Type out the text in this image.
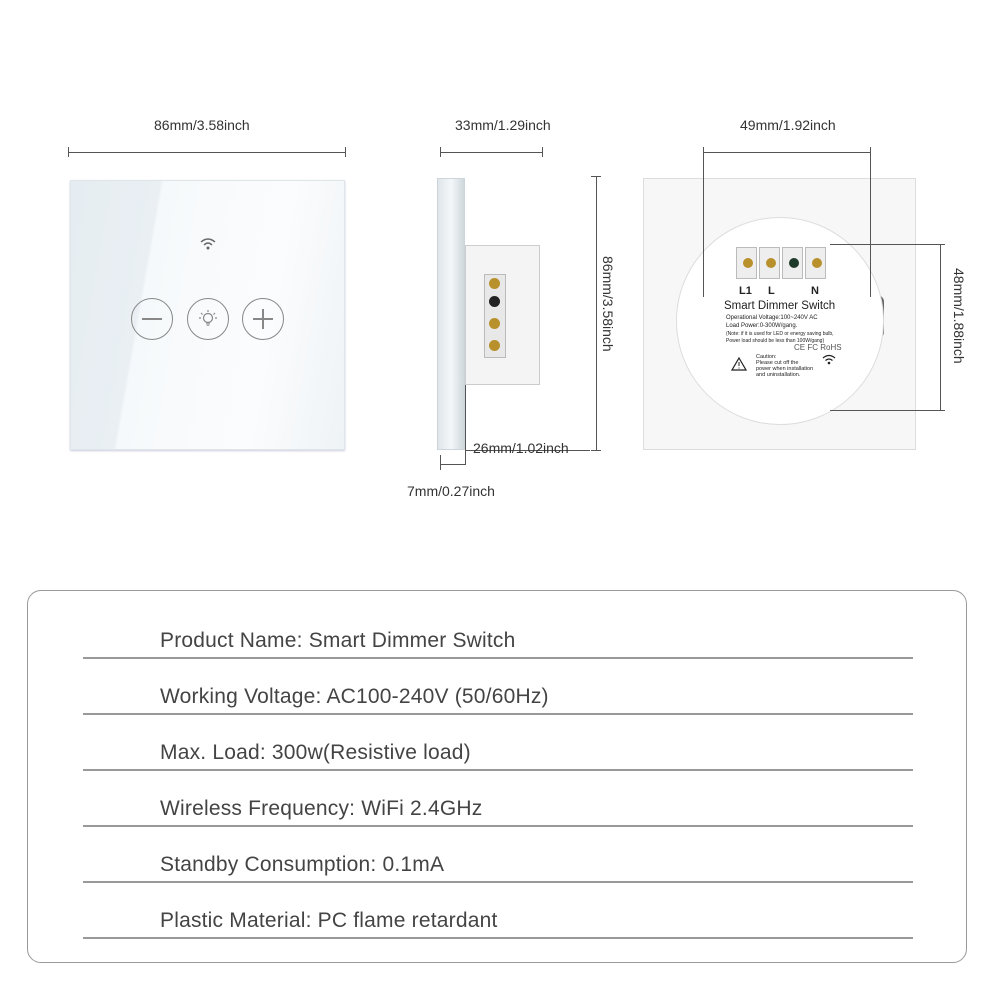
86mm/3.58inch	33mm/1.29inch	49mm/1.92inch
86mm/3.58inch	48mm/1.88inch
26mm/1.02inch
7mm/0.27inch
L1 L	N
Smart Dimmer Switch
Operational Voltage:100~240V AC
Load Power:0-300W/gang.
(Note: if it is used for LED or energy saving bulb,
Power load should be less than 100W/gang)
CE FC RoHS
Caution:
Please cut off the
power when installation
and uninstallation.
Product Name: Smart Dimmer Switch
Working Voltage: AC100-240V (50/60Hz)
Max. Load: 300w(Resistive load)
Wireless Frequency: WiFi 2.4GHz
Standby Consumption: 0.1mA
Plastic Material: PC flame retardant
